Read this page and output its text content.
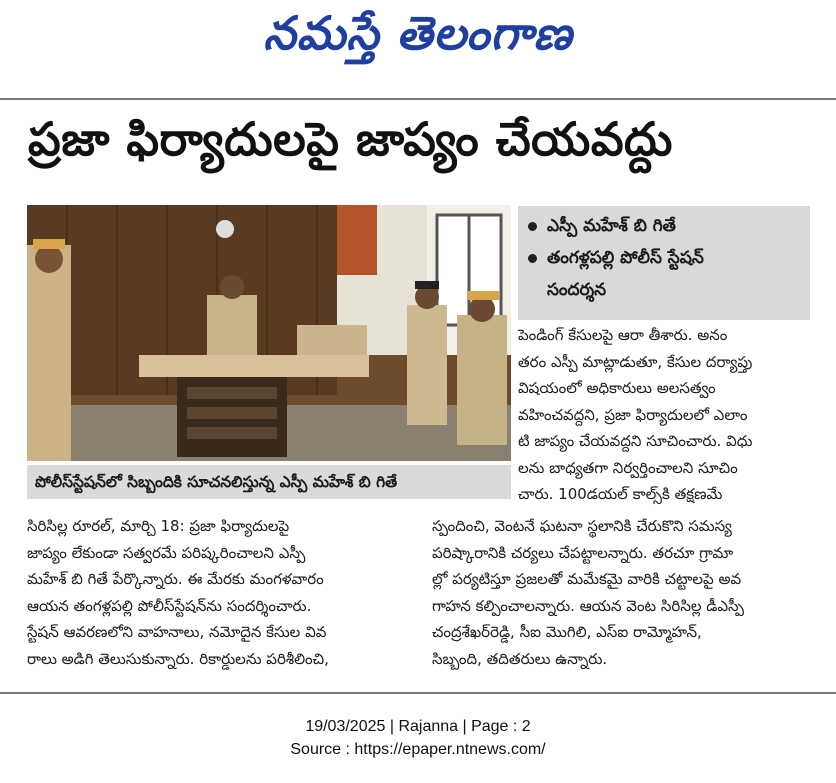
నమస్తే తెలంగాణ
ప్రజా ఫిర్యాదులపై జాప్యం చేయవద్దు
పోలీస్‌స్టేషన్‌లో సిబ్బందికి సూచనలిస్తున్న ఎస్పీ మహేశ్ బి గితే
ఎస్పీ మహేశ్ బి గితే
తంగళ్లపల్లి పోలీస్ స్టేషన్
సందర్శన
పెండింగ్ కేసులపై ఆరా తీశారు. అనం
తరం ఎస్పీ మాట్లాడుతూ, కేసుల దర్యాప్తు
విషయంలో అధికారులు అలసత్వం
వహించవద్దని, ప్రజా ఫిర్యాదులలో ఎలాం
టి జాప్యం చేయవద్దని సూచించారు. విధు
లను బాధ్యతగా నిర్వర్తించాలని సూచిం
చారు. 100డయల్ కాల్స్‌కి తక్షణమే
సిరిసిల్ల రూరల్, మార్చి 18: ప్రజా ఫిర్యాదులపై
జాప్యం లేకుండా సత్వరమే పరిష్కరించాలని ఎస్పీ
మహేశ్ బి గితే పేర్కొన్నారు. ఈ మేరకు మంగళవారం
ఆయన తంగళ్లపల్లి పోలీస్‌స్టేషన్‌ను సందర్శించారు.
స్టేషన్ ఆవరణలోని వాహనాలు, నమోదైన కేసుల వివ
రాలు అడిగి తెలుసుకున్నారు. రికార్డులను పరిశీలించి,
స్పందించి, వెంటనే ఘటనా స్థలానికి చేరుకొని సమస్య
పరిష్కారానికి చర్యలు చేపట్టాలన్నారు. తరచూ గ్రామా
ల్లో పర్యటిస్తూ ప్రజలతో మమేకమై వారికి చట్టాలపై అవ
గాహన కల్పించాలన్నారు. ఆయన వెంట సిరిసిల్ల డీఎస్పీ
చంద్రశేఖర్‌రెడ్డి, సీఐ మొగిలి, ఎస్ఐ రామ్మోహన్,
సిబ్బంది, తదితరులు ఉన్నారు.
19/03/2025 | Rajanna | Page : 2
Source : https://epaper.ntnews.com/
